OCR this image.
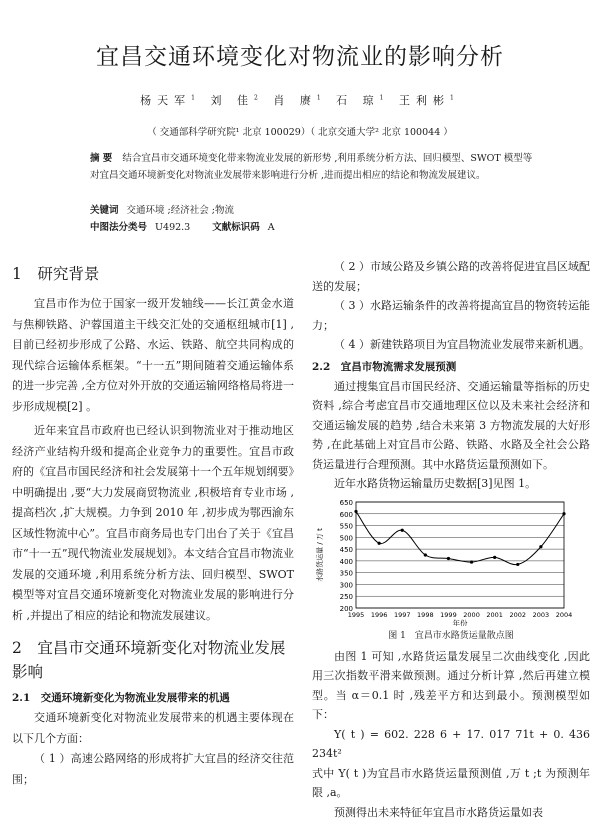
宜昌交通环境变化对物流业的影响分析
杨天军$^1$ 刘 佳$^2$ 肖 赓$^1$ 石 琼$^1$ 王利彬$^1$
（ 交通部科学研究院¹ 北京 100029）（ 北京交通大学² 北京 100044 ）
摘 要 结合宜昌市交通环境变化带来物流业发展的新形势 ,利用系统分析方法、回归模型、SWOT 模型等对宜昌交通环境新变化对物流业发展带来影响进行分析 ,进而提出相应的结论和物流发展建议。
关键词 交通环境 ;经济社会 ;物流
中图法分类号 U492.3 文献标识码 A
1　研究背景

宜昌市作为位于国家一级开发轴线——长江黄金水道与焦柳铁路、沪蓉国道主干线交汇处的交通枢纽城市[1] ,目前已经初步形成了公路、水运、铁路、航空共同构成的现代综合运输体系框架。“十一五”期间随着交通运输体系的进一步完善 ,全方位对外开放的交通运输网络格局将进一步形成规模[2] 。

近年来宜昌市政府也已经认识到物流业对于推动地区经济产业结构升级和提高企业竞争力的重要性。宜昌市政府的《宜昌市国民经济和社会发展第十一个五年规划纲要》中明确提出 ,要“大力发展商贸物流业 ,积极培育专业市场 ,提高档次 ,扩大规模。力争到 2010 年 ,初步成为鄂西渝东区域性物流中心”。宜昌市商务局也专门出台了关于《宜昌市“十一五”现代物流业发展规划》。本文结合宜昌市物流业发展的交通环境 ,利用系统分析方法、回归模型、SWOT 模型等对宜昌交通环境新变化对物流业发展的影响进行分析 ,并提出了相应的结论和物流发展建议。

2　宜昌市交通环境新变化对物流业发展影响
2.1　交通环境新变化为物流业发展带来的机遇

交通环境新变化对物流业发展带来的机遇主要体现在以下几个方面：

（ 1 ）高速公路网络的形成将扩大宜昌的经济交往范围；

（ 2 ）市域公路及乡镇公路的改善将促进宜昌区域配送的发展；

（ 3 ）水路运输条件的改善将提高宜昌的物资转运能力；

（ 4 ）新建铁路项目为宜昌物流业发展带来新机遇。

2.2　宜昌市物流需求发展预测

通过搜集宜昌市国民经济、交通运输量等指标的历史资料 ,综合考虑宜昌市交通地理区位以及未来社会经济和交通运输发展的趋势 ,结合未来第 3 方物流发展的大好形势 ,在此基础上对宜昌市公路、铁路、水路及全社会公路货运量进行合理预测。其中水路货运量预测如下。

近年水路货物运输量历史数据[3]见图 1。

200
250
300
350
400
450
500
550
600
650
1995 1996 1997 1998 1999 2000 2001 2002 2003 2004
年份
水路货运量 / 万 t
图 1　宜昌市水路货运量散点图

由图 1 可知 ,水路货运量发展呈二次曲线变化 ,因此用三次指数平滑来做预测。通过分析计算 ,然后再建立模型。当 α＝0.1 时 ,残差平方和达到最小。预测模型如下：

Y( t ) = 602. 228 6 + 17. 017 71t + 0. 436 234t²

式中 Y( t )为宜昌市水路货运量预测值 ,万 t ;t 为预测年限 ,a。

预测得出未来特征年宜昌市水路货运量如表
